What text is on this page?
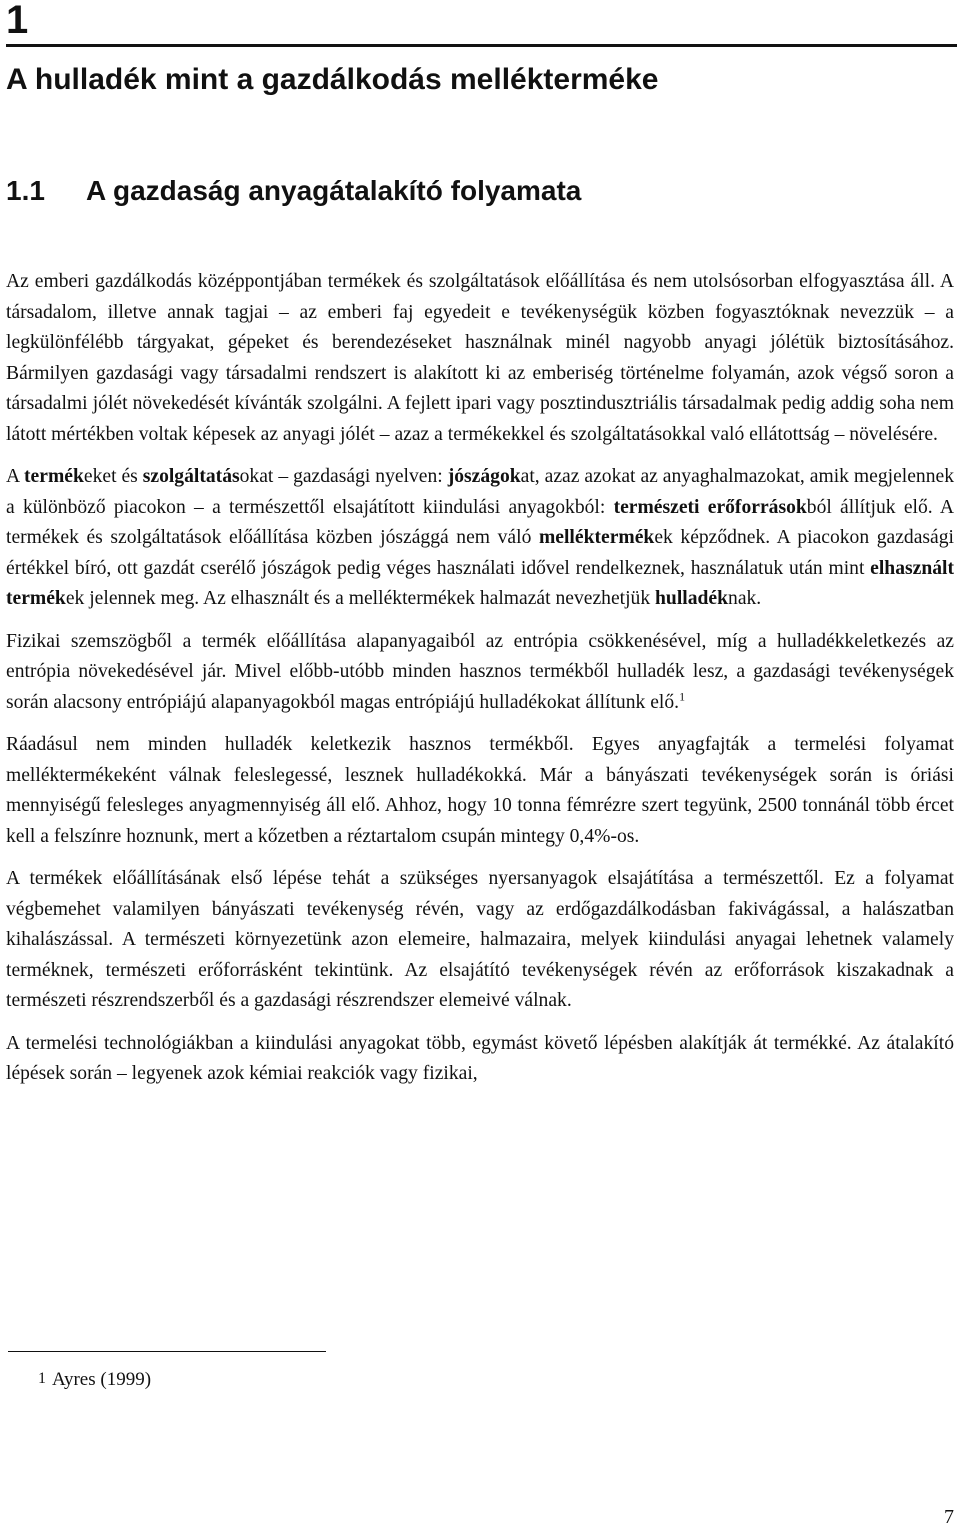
1
A hulladék mint a gazdálkodás mellékterméke
1.1 A gazdaság anyagátalakító folyamata

Az emberi gazdálkodás középpontjában termékek és szolgáltatások előállítása és nem utolsósorban elfogyasztása áll. A társadalom, illetve annak tagjai – az emberi faj egyedeit e tevékenységük közben fogyasztóknak nevezzük – a legkülönfélébb tárgyakat, gépeket és berendezéseket használnak minél nagyobb anyagi jólétük biztosításához. Bármilyen gazdasági vagy társadalmi rendszert is alakított ki az emberiség történelme folyamán, azok végső soron a társadalmi jólét növekedését kívánták szolgálni. A fejlett ipari vagy posztindusztriális társadalmak pedig addig soha nem látott mértékben voltak képesek az anyagi jólét – azaz a termékekkel és szolgáltatásokkal való ellátottság – növelésére.

A termékeket és szolgáltatásokat – gazdasági nyelven: jószágokat, azaz azokat az anyaghalmazokat, amik megjelennek a különböző piacokon – a természettől elsajátított kiindulási anyagokból: természeti erőforrásokból állítjuk elő. A termékek és szolgáltatások előállítása közben jószággá nem váló melléktermékek képződnek. A piacokon gazdasági értékkel bíró, ott gazdát cserélő jószágok pedig véges használati idővel rendelkeznek, használatuk után mint elhasznált termékek jelennek meg. Az elhasznált és a melléktermékek halmazát nevezhetjük hulladéknak.

Fizikai szemszögből a termék előállítása alapanyagaiból az entrópia csökkenésével, míg a hulladékkeletkezés az entrópia növekedésével jár. Mivel előbb-utóbb minden hasznos termékből hulladék lesz, a gazdasági tevékenységek során alacsony entrópiájú alapanyagokból magas entrópiájú hulladékokat állítunk elő.$^1$

Ráadásul nem minden hulladék keletkezik hasznos termékből. Egyes anyagfajták a termelési folyamat melléktermékeként válnak feleslegessé, lesznek hulladékokká. Már a bányászati tevékenységek során is óriási mennyiségű felesleges anyagmennyiség áll elő. Ahhoz, hogy 10 tonna fémrézre szert tegyünk, 2500 tonnánál több ércet kell a felszínre hoznunk, mert a kőzetben a réztartalom csupán mintegy 0,4%-os.

A termékek előállításának első lépése tehát a szükséges nyersanyagok elsajátítása a természettől. Ez a folyamat végbemehet valamilyen bányászati tevékenység révén, vagy az erdőgazdálkodásban fakivágással, a halászatban kihalászással. A természeti környezetünk azon elemeire, halmazaira, melyek kiindulási anyagai lehetnek valamely terméknek, természeti erőforrásként tekintünk. Az elsajátító tevékenységek révén az erőforrások kiszakadnak a természeti részrendszerből és a gazdasági részrendszer elemeivé válnak.

A termelési technológiákban a kiindulási anyagokat több, egymást követő lépésben alakítják át termékké. Az átalakító lépések során – legyenek azok kémiai reakciók vagy fizikai,

1 Ayres (1999)
7
